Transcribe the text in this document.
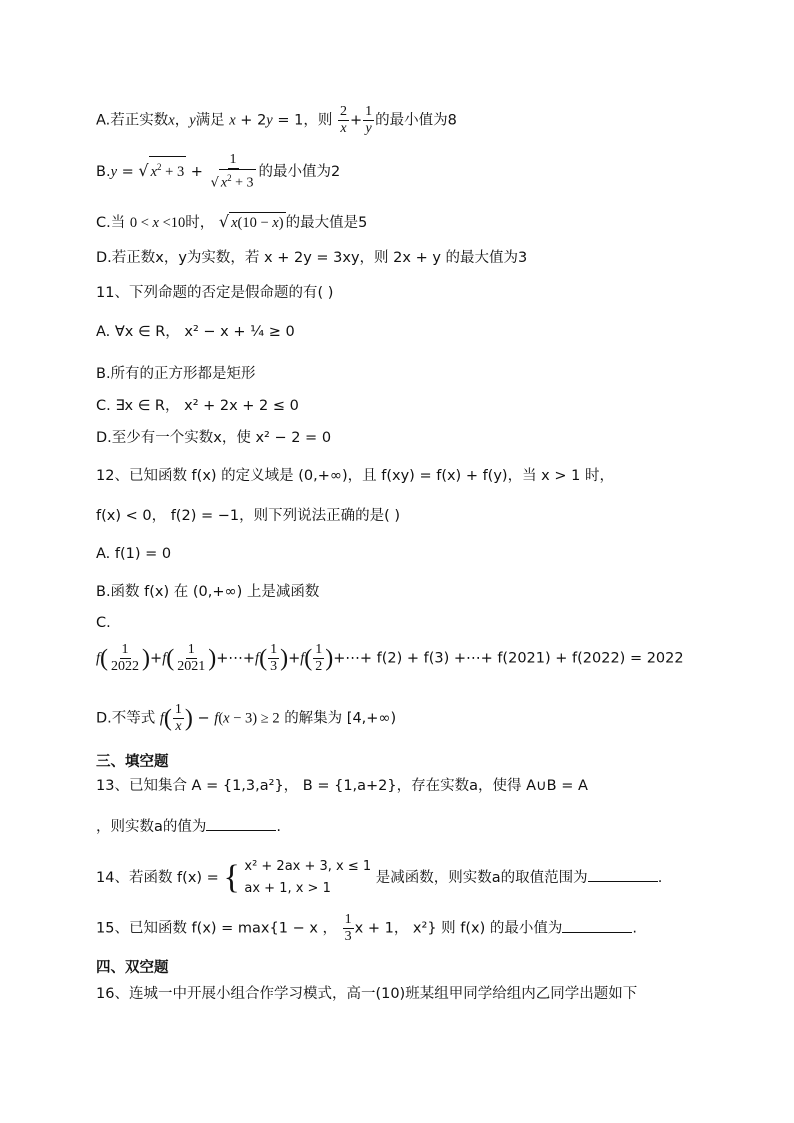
A.若正实数x，y满足 x + 2y = 1，则 $\frac{2}{x} + \frac{1}{y}$ 的最小值为8
B.y = √ $x^2 + 3 + \frac{1}{√ x^2 + 3}$ 的最小值为2
C.当 0 < x <10时， √ x(10 − x) 的最大值是5
D.若正数x，y为实数，若 x + 2y = 3xy，则 2x + y 的最大值为3
11、下列命题的否定是假命题的有( )
A. ∀x ∈ R， x² − x + ¼ ≥ 0
B.所有的正方形都是矩形
C. ∃x ∈ R， x² + 2x + 2 ≤ 0
D.至少有一个实数x，使 x² − 2 = 0
12、已知函数 f(x) 的定义域是 (0,+∞)，且 f(xy) = f(x) + f(y)，当 x > 1 时，
f(x) < 0， f(2) = −1，则下列说法正确的是( )
A. f(1) = 0
B.函数 f(x) 在 (0,+∞) 上是减函数
C.
$f( \frac{1}{2022} )+f( \frac{1}{2021}$ )+⋯+f( $\frac{1}{3} )+f( \frac{1}{2}$ )+⋯+ f(2) + f(3) +⋯+ f(2021) + f(2022) = 2022
D.不等式 $f( \frac{1}{x}$ ) − f(x − 3) ≥ 2 的解集为 [4,+∞)
三、填空题
13、已知集合 A = {1,3,a²}， B = {1,a+2}，存在实数a，使得 A∪B = A
，则实数a的值为	.
14、若函数 f(x) = { x² + 2ax + 3, x ≤ 1
ax + 1, x > 1
是减函数，则实数a的取值范围为	.
15、已知函数 f(x) = max{1 − x ， $\frac{1}{3}$ x + 1， x²} 则 f(x) 的最小值为	.
四、双空题
16、连城一中开展小组合作学习模式，高一(10)班某组甲同学给组内乙同学出题如下
